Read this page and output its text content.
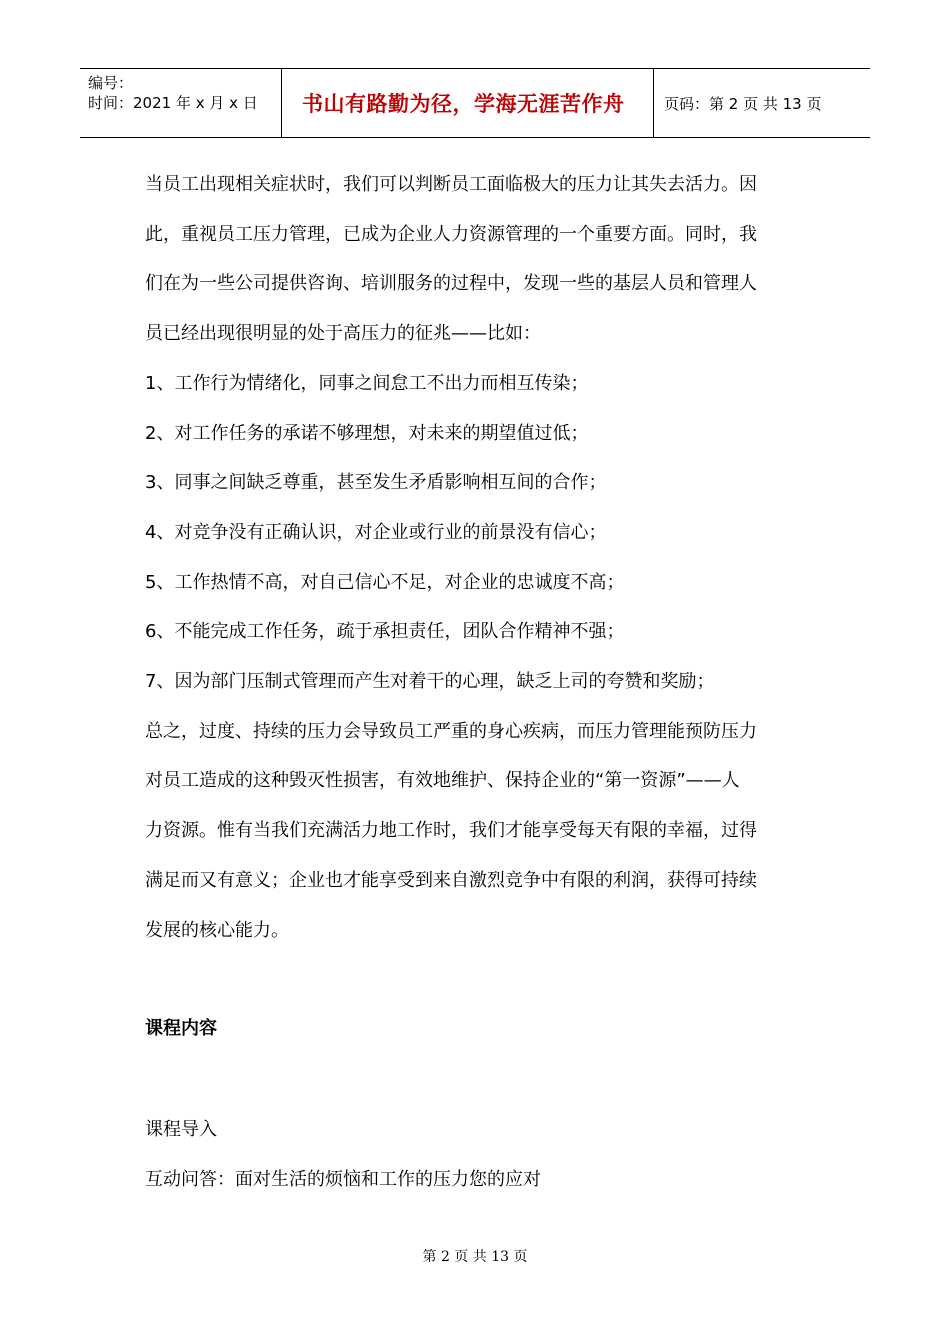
编号：
时间：2021 年 x 月 x 日	书山有路勤为径，学海无涯苦作舟	页码：第 2 页 共 13 页

当员工出现相关症状时，我们可以判断员工面临极大的压力让其失去活力。因
此，重视员工压力管理，已成为企业人力资源管理的一个重要方面。同时，我
们在为一些公司提供咨询、培训服务的过程中，发现一些的基层人员和管理人
员已经出现很明显的处于高压力的征兆——比如：

1、工作行为情绪化，同事之间怠工不出力而相互传染；

2、对工作任务的承诺不够理想，对未来的期望值过低；

3、同事之间缺乏尊重，甚至发生矛盾影响相互间的合作；

4、对竞争没有正确认识，对企业或行业的前景没有信心；

5、工作热情不高，对自己信心不足，对企业的忠诚度不高；

6、不能完成工作任务，疏于承担责任，团队合作精神不强；

7、因为部门压制式管理而产生对着干的心理，缺乏上司的夸赞和奖励；

总之，过度、持续的压力会导致员工严重的身心疾病，而压力管理能预防压力
对员工造成的这种毁灭性损害，有效地维护、保持企业的“第一资源”——人
力资源。惟有当我们充满活力地工作时，我们才能享受每天有限的幸福，过得
满足而又有意义；企业也才能享受到来自激烈竞争中有限的利润，获得可持续
发展的核心能力。

课程内容

课程导入

互动问答：面对生活的烦恼和工作的压力您的应对

第 2 页 共 13 页
